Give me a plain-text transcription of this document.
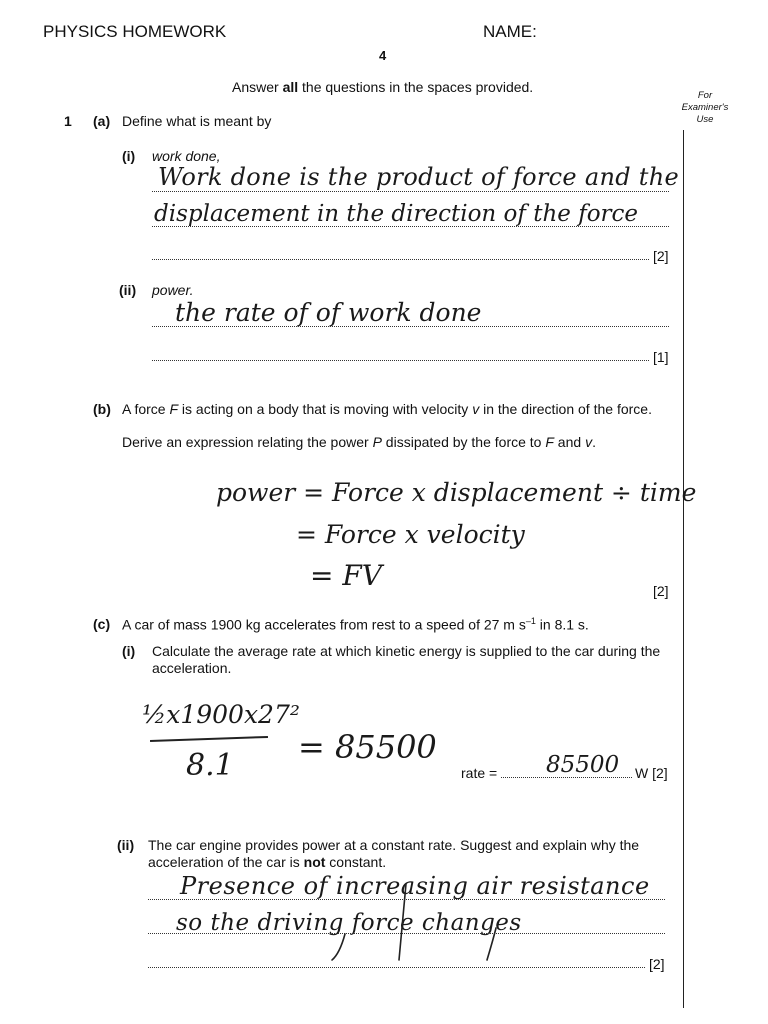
PHYSICS HOMEWORK	NAME:
4
Answer all the questions in the spaces provided.
For
Examiner's
Use
1 (a) Define what is meant by
(i) work done,
Work done is the product of force and the
displacement in the direction of the force
[2]
(ii) power.
the rate of of work done
[1]
(b) A force F is acting on a body that is moving with velocity v in the direction of the force.
Derive an expression relating the power P dissipated by the force to F and v.
power = Force x displacement ÷ time
= Force x velocity
= FV	[2]
(c) A car of mass 1900 kg accelerates from rest to a speed of 27 m $s^{-1}$ in 8.1 s.
(i) Calculate the average rate at which kinetic energy is supplied to the car during the
acceleration.
½x1900x27²
8.1 = 85500
rate = 85500 W [2]
(ii) The car engine provides power at a constant rate. Suggest and explain why the
acceleration of the car is not constant.
Presence of increasing air resistance
so the driving force changes
[2]
